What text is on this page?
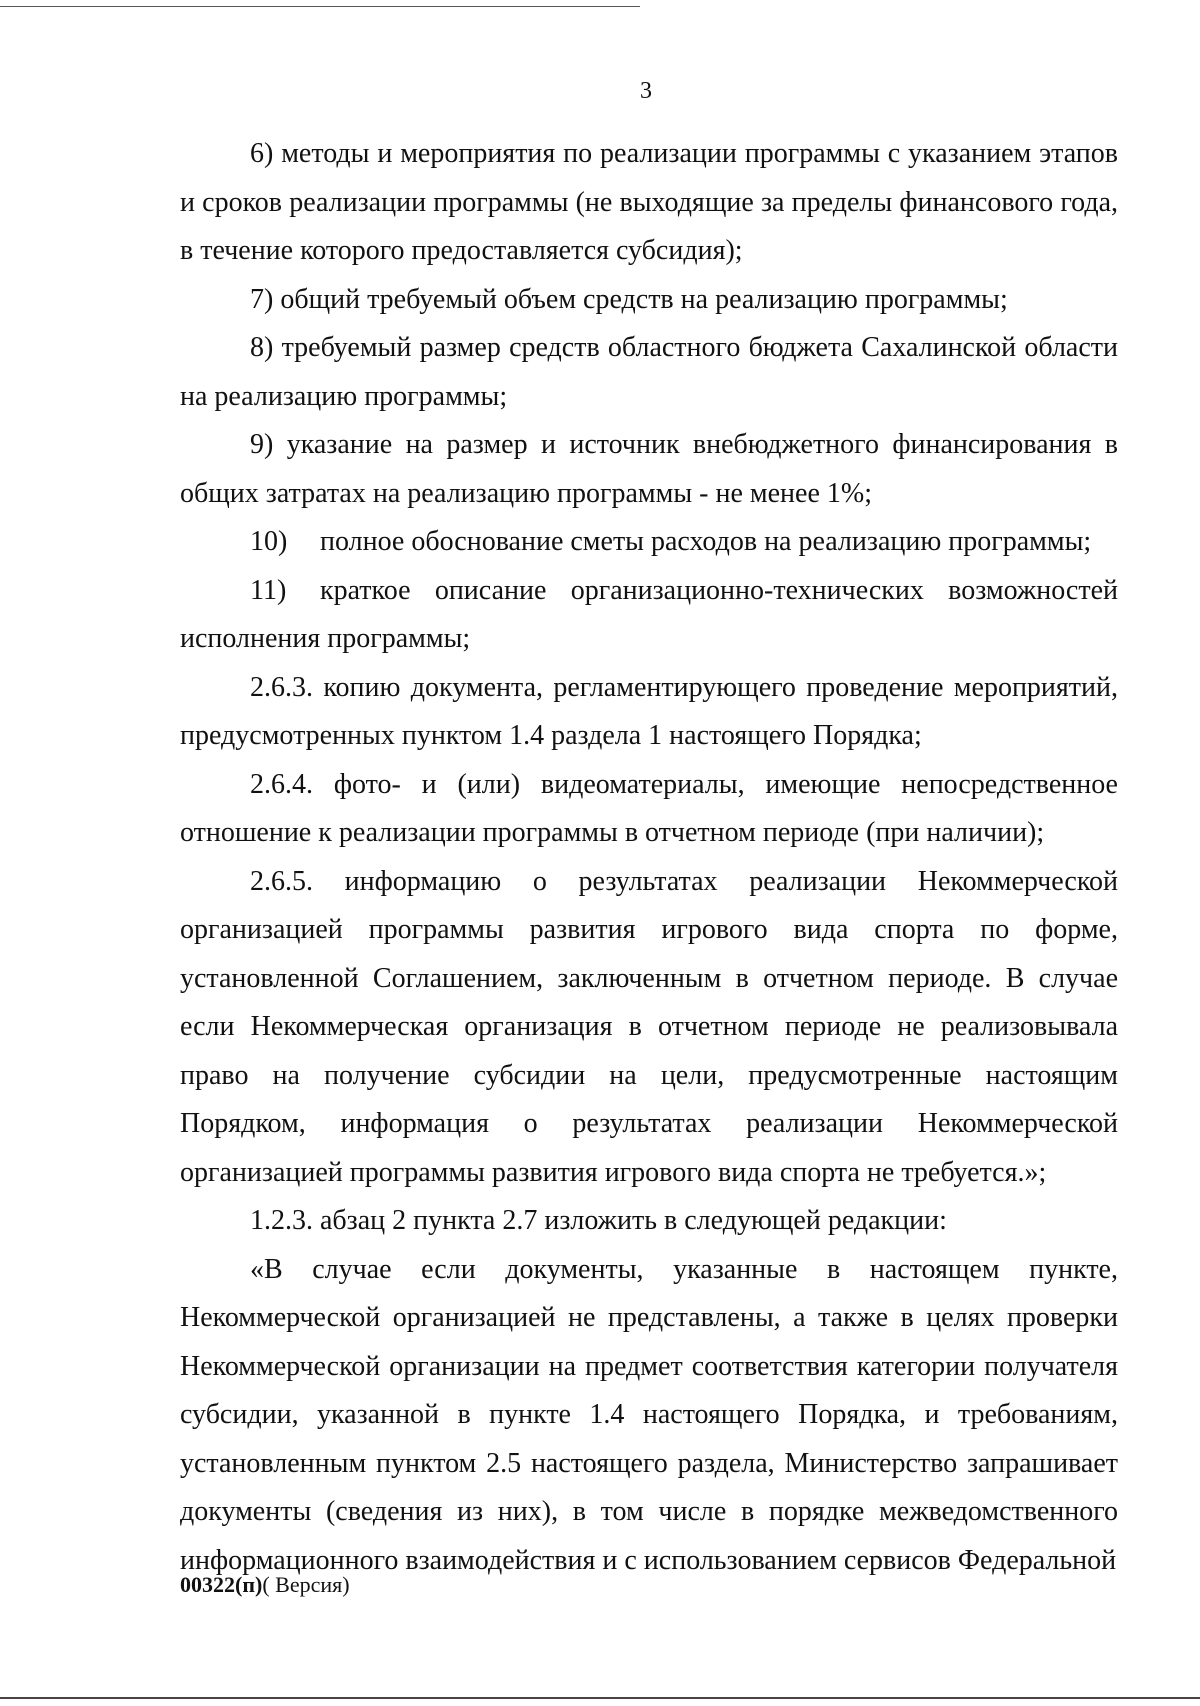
3

6) методы и мероприятия по реализации программы с указанием этапов и сроков реализации программы (не выходящие за пределы финансового года, в течение которого предоставляется субсидия);

7) общий требуемый объем средств на реализацию программы;

8) требуемый размер средств областного бюджета Сахалинской области на реализацию программы;

9) указание на размер и источник внебюджетного финансирования в общих затратах на реализацию программы - не менее 1%;

10) полное обоснование сметы расходов на реализацию программы;

11) краткое описание организационно-технических возможностей исполнения программы;

2.6.3. копию документа, регламентирующего проведение мероприятий, предусмотренных пунктом 1.4 раздела 1 настоящего Порядка;

2.6.4. фото- и (или) видеоматериалы, имеющие непосредственное отношение к реализации программы в отчетном периоде (при наличии);

2.6.5. информацию о результатах реализации Некоммерческой организацией программы развития игрового вида спорта по форме, установленной Соглашением, заключенным в отчетном периоде. В случае если Некоммерческая организация в отчетном периоде не реализовывала право на получение субсидии на цели, предусмотренные настоящим Порядком, информация о результатах реализации Некоммерческой организацией программы развития игрового вида спорта не требуется.»;

1.2.3. абзац 2 пункта 2.7 изложить в следующей редакции:

«В случае если документы, указанные в настоящем пункте, Некоммерческой организацией не представлены, а также в целях проверки Некоммерческой организации на предмет соответствия категории получателя субсидии, указанной в пункте 1.4 настоящего Порядка, и требованиям, установленным пунктом 2.5 настоящего раздела, Министерство запрашивает документы (сведения из них), в том числе в порядке межведомственного информационного взаимодействия и с использованием сервисов Федеральной

00322(п)( Версия)
